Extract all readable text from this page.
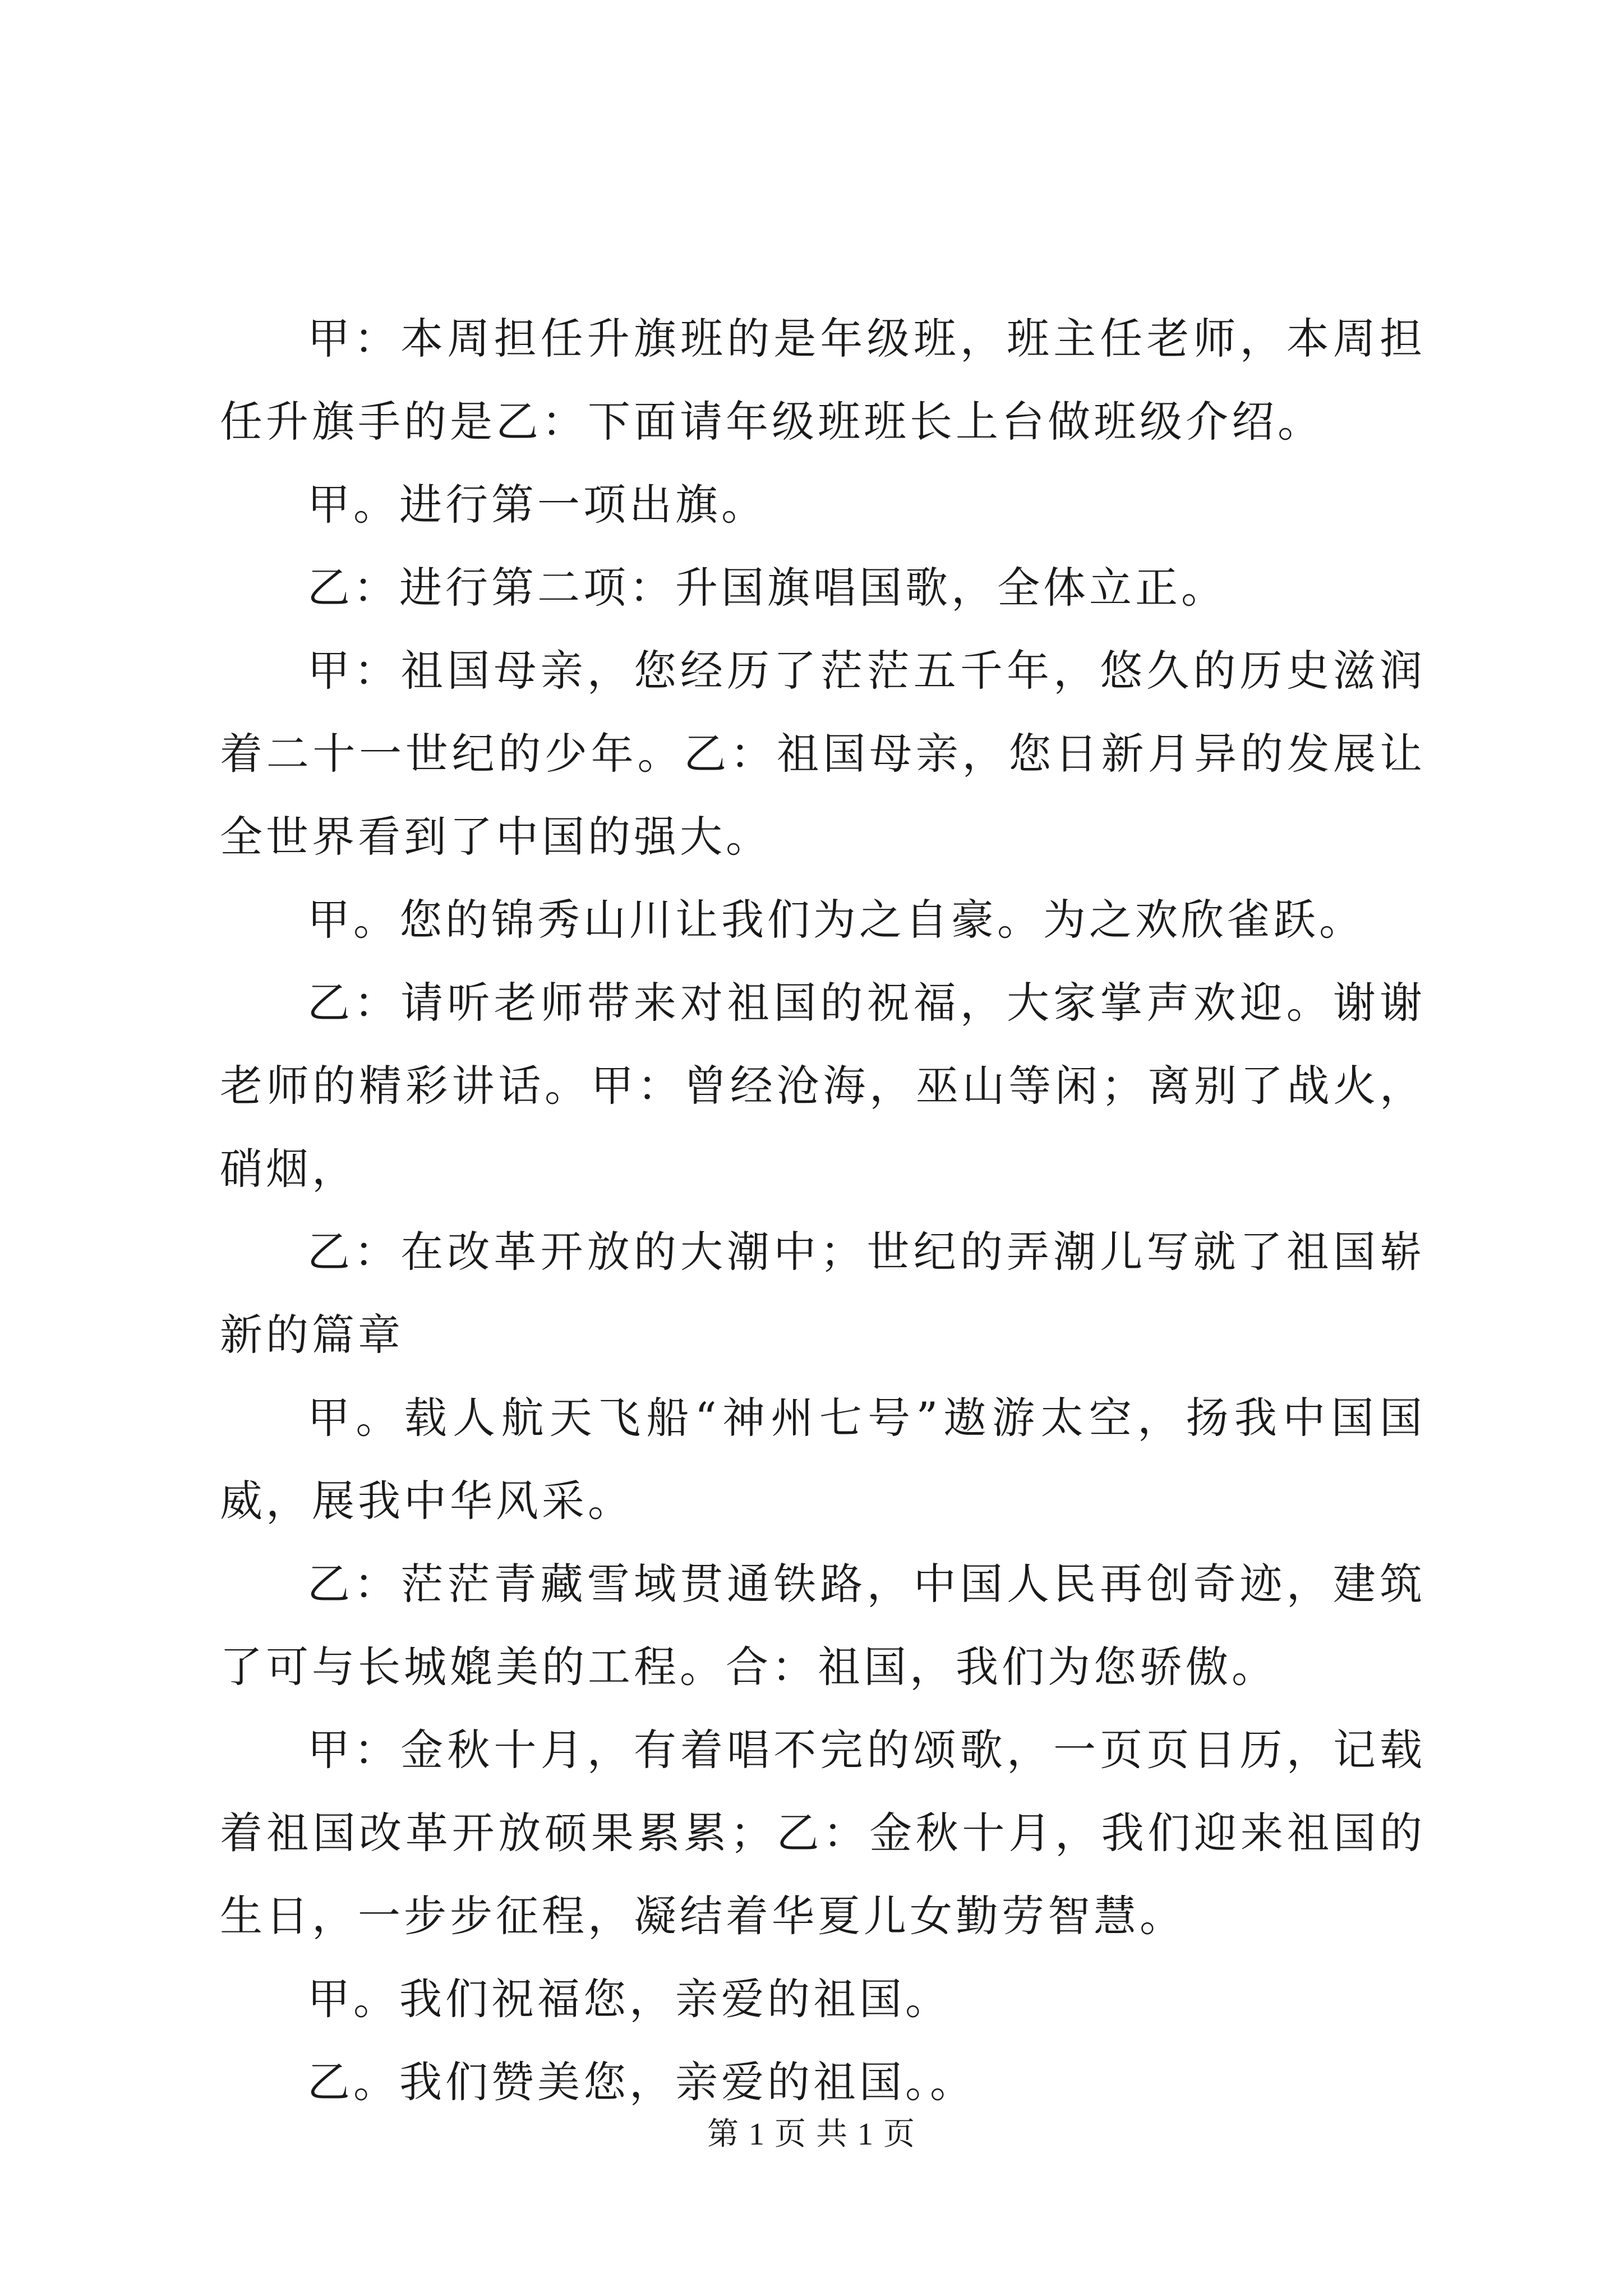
甲：本周担任升旗班的是年级班，班主任老师，本周担任升旗手的是乙：下面请年级班班长上台做班级介绍。

甲。进行第一项出旗。

乙：进行第二项：升国旗唱国歌，全体立正。

甲：祖国母亲，您经历了茫茫五千年，悠久的历史滋润着二十一世纪的少年。乙：祖国母亲，您日新月异的发展让全世界看到了中国的强大。

甲。您的锦秀山川让我们为之自豪。为之欢欣雀跃。

乙：请听老师带来对祖国的祝福，大家掌声欢迎。谢谢老师的精彩讲话。甲：曾经沧海，巫山等闲；离别了战火，硝烟，

乙：在改革开放的大潮中；世纪的弄潮儿写就了祖国崭新的篇章

甲。载人航天飞船“神州七号”遨游太空，扬我中国国威，展我中华风采。

乙：茫茫青藏雪域贯通铁路，中国人民再创奇迹，建筑了可与长城媲美的工程。合：祖国，我们为您骄傲。

甲：金秋十月，有着唱不完的颂歌，一页页日历，记载着祖国改革开放硕果累累；乙：金秋十月，我们迎来祖国的生日，一步步征程，凝结着华夏儿女勤劳智慧。

甲。我们祝福您，亲爱的祖国。

乙。我们赞美您，亲爱的祖国。。

第 1 页 共 1 页
